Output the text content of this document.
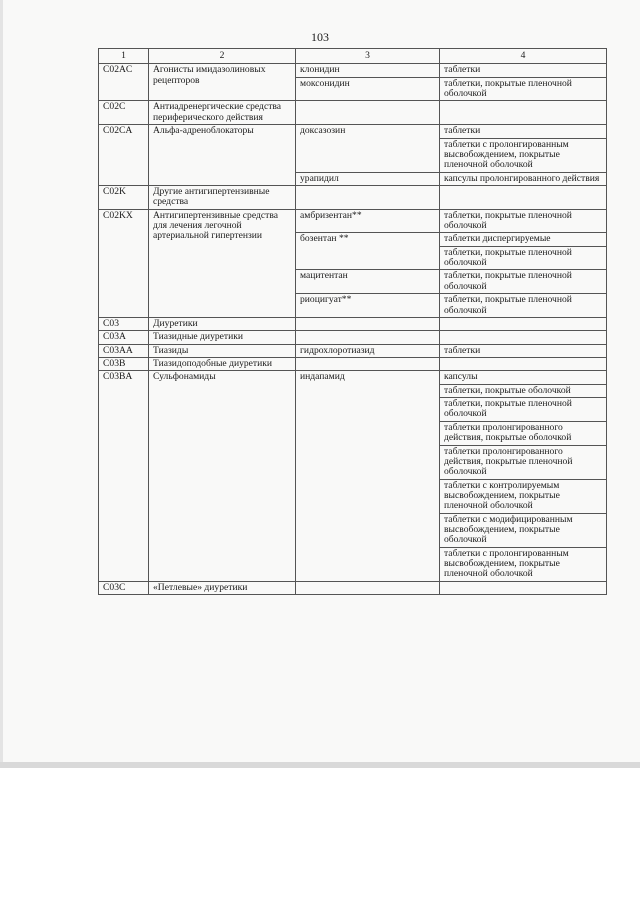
103
1	2	3	4
C02AC	Агонисты имидазолиновых рецепторов	клонидин	таблетки
		моксонидин	таблетки, покрытые пленочной оболочкой
C02C	Антиадренергические средства периферического действия		
C02CA	Альфа-адреноблокаторы	доксазозин	таблетки
			таблетки с пролонгированным высвобождением, покрытые пленочной оболочкой
		урапидил	капсулы пролонгированного действия
C02K	Другие антигипертензивные средства		
C02KX	Антигипертензивные средства для лечения легочной артериальной гипертензии	амбризентан**	таблетки, покрытые пленочной оболочкой
		бозентан **	таблетки диспергируемые
			таблетки, покрытые пленочной оболочкой
		мацитентан	таблетки, покрытые пленочной оболочкой
		риоцигуат**	таблетки, покрытые пленочной оболочкой
C03	Диуретики		
C03A	Тиазидные диуретики		
C03AA	Тиазиды	гидрохлоротиазид	таблетки
C03B	Тиазидоподобные диуретики		
C03BA	Сульфонамиды	индапамид	капсулы
			таблетки, покрытые оболочкой
			таблетки, покрытые пленочной оболочкой
			таблетки пролонгированного действия, покрытые оболочкой
			таблетки пролонгированного действия, покрытые пленочной оболочкой
			таблетки с контролируемым высвобождением, покрытые пленочной оболочкой
			таблетки с модифицированным высвобождением, покрытые оболочкой
			таблетки с пролонгированным высвобождением, покрытые пленочной оболочкой
C03C	«Петлевые» диуретики		
